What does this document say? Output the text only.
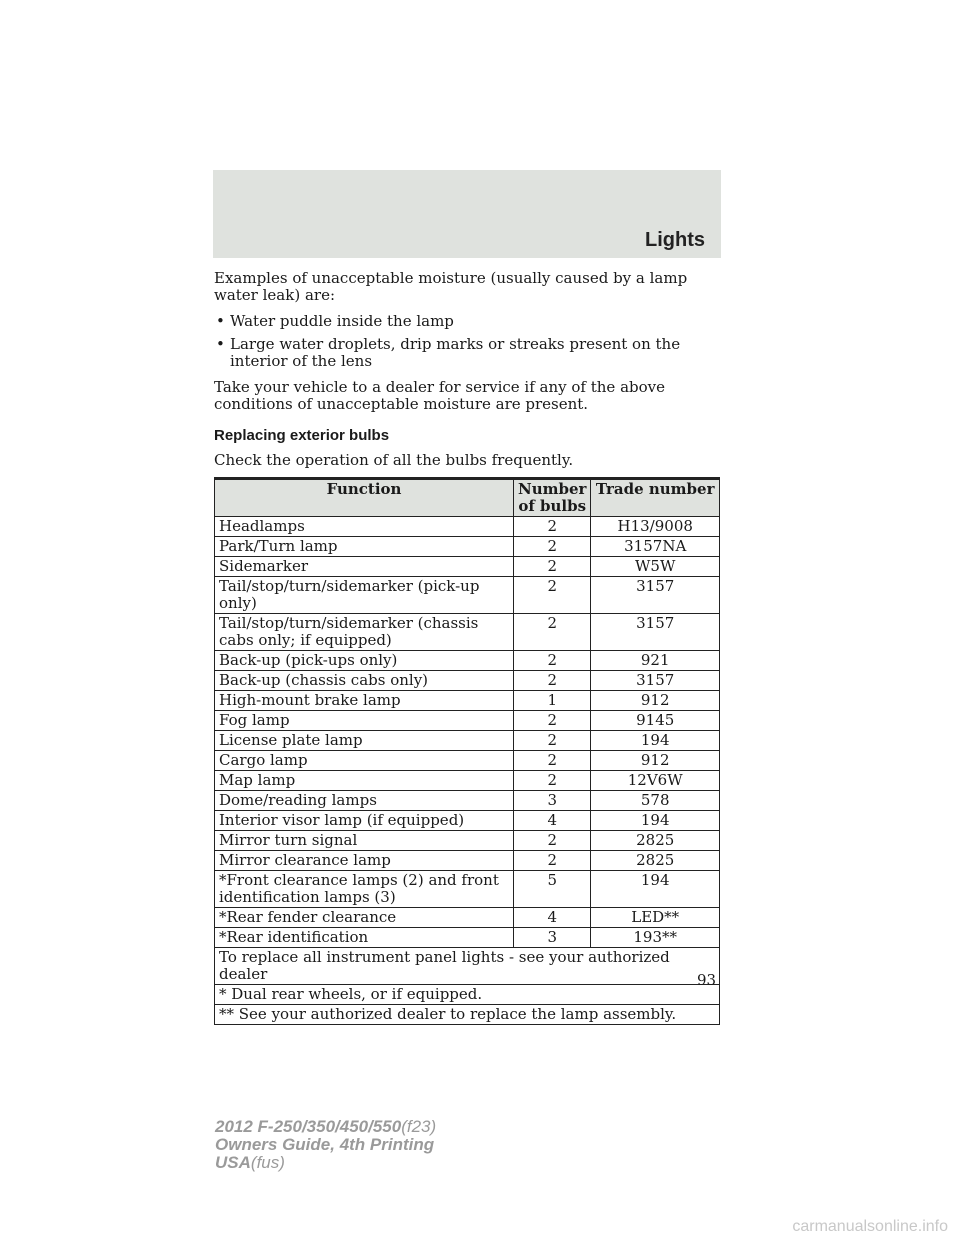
Lights

Examples of unacceptable moisture (usually caused by a lamp water leak) are:

• Water puddle inside the lamp
• Large water droplets, drip marks or streaks present on the interior of the lens

Take your vehicle to a dealer for service if any of the above conditions of unacceptable moisture are present.

Replacing exterior bulbs

Check the operation of all the bulbs frequently.

Function	Number of bulbs	Trade number
Headlamps	2	H13/9008
Park/Turn lamp	2	3157NA
Sidemarker	2	W5W
Tail/stop/turn/sidemarker (pick-up only)	2	3157
Tail/stop/turn/sidemarker (chassis cabs only; if equipped)	2	3157
Back-up (pick-ups only)	2	921
Back-up (chassis cabs only)	2	3157
High-mount brake lamp	1	912
Fog lamp	2	9145
License plate lamp	2	194
Cargo lamp	2	912
Map lamp	2	12V6W
Dome/reading lamps	3	578
Interior visor lamp (if equipped)	4	194
Mirror turn signal	2	2825
Mirror clearance lamp	2	2825
*Front clearance lamps (2) and front identification lamps (3)	5	194
*Rear fender clearance	4	LED**
*Rear identification	3	193**
To replace all instrument panel lights - see your authorized dealer		
* Dual rear wheels, or if equipped.		
** See your authorized dealer to replace the lamp assembly.		
93
2012 F-250/350/450/550(f23)
Owners Guide, 4th Printing
USA(fus)
carmanualsonline.info
